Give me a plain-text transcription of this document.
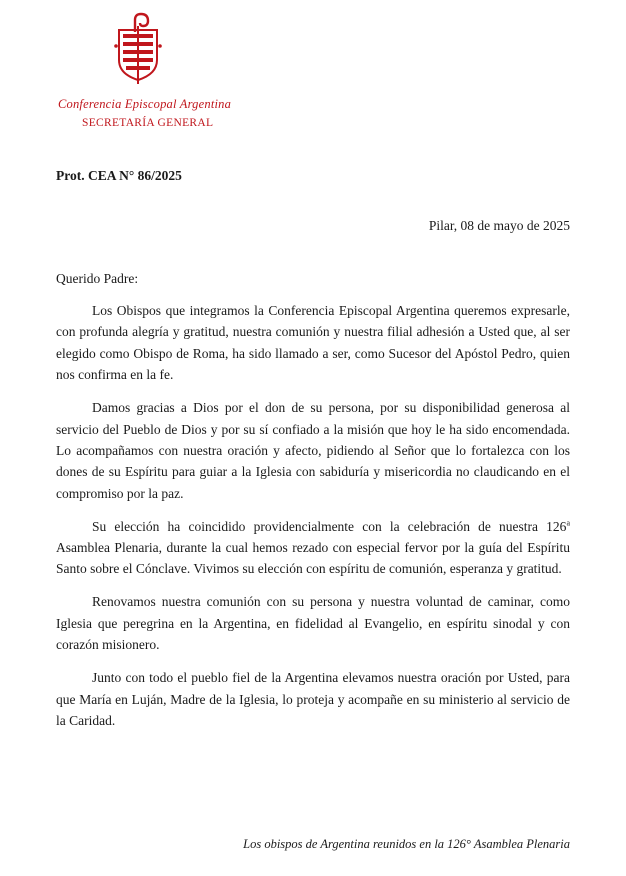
Conferencia Episcopal Argentina
SECRETARÍA GENERAL
Prot. CEA N° 86/2025
Pilar, 08 de mayo de 2025
Querido Padre:

Los Obispos que integramos la Conferencia Episcopal Argentina queremos expresarle, con profunda alegría y gratitud, nuestra comunión y nuestra filial adhesión a Usted que, al ser elegido como Obispo de Roma, ha sido llamado a ser, como Sucesor del Apóstol Pedro, quien nos confirma en la fe.

Damos gracias a Dios por el don de su persona, por su disponibilidad generosa al servicio del Pueblo de Dios y por su sí confiado a la misión que hoy le ha sido encomendada. Lo acompañamos con nuestra oración y afecto, pidiendo al Señor que lo fortalezca con los dones de su Espíritu para guiar a la Iglesia con sabiduría y misericordia no claudicando en el compromiso por la paz.

Su elección ha coincidido providencialmente con la celebración de nuestra 126$^a$ Asamblea Plenaria, durante la cual hemos rezado con especial fervor por la guía del Espíritu Santo sobre el Cónclave. Vivimos su elección con espíritu de comunión, esperanza y gratitud.

Renovamos nuestra comunión con su persona y nuestra voluntad de caminar, como Iglesia que peregrina en la Argentina, en fidelidad al Evangelio, en espíritu sinodal y con corazón misionero.

Junto con todo el pueblo fiel de la Argentina elevamos nuestra oración por Usted, para que María en Luján, Madre de la Iglesia, lo proteja y acompañe en su ministerio al servicio de la Caridad.

Los obispos de Argentina reunidos en la 126° Asamblea Plenaria
